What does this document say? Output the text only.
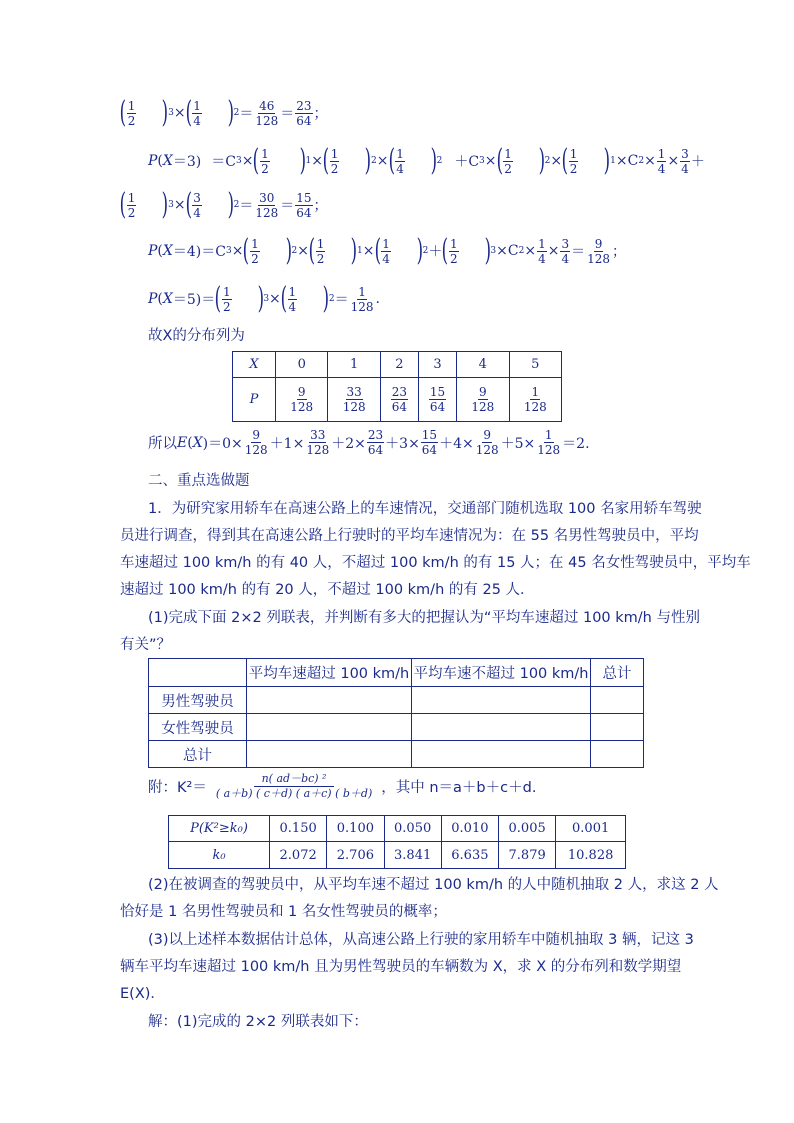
( $\frac{1}{2}$ ) 3 × ( $\frac{1}{4}$ ) $2 = \frac{46}{128} = \frac{23}{64}$ ；
P ( X ＝3) ＝C 3 × ( $\frac{1}{2}$ ) 1 × ( $\frac{1}{2}$ ) 2 × ( $\frac{1}{4}$ ) 2 ＋C 3 × ( $\frac{1}{2}$ ) 2 × ( $\frac{1}{2}$ ) 1 ×C $2 \times \frac{1}{4} \times \frac{3}{4}$ ＋
( $\frac{1}{2}$ ) 3 × ( $\frac{3}{4}$ ) $2 = \frac{30}{128} = \frac{15}{64}$ ；
P ( X ＝4)＝C 3 × ( $\frac{1}{2}$ ) 2 × ( $\frac{1}{2}$ ) 1 × ( $\frac{1}{4}$ ) 2 ＋ ( $\frac{1}{2}$ ) 3 ×C $2 \times \frac{1}{4} \times \frac{3}{4} = \frac{9}{128}$ ；
P ( X ＝5)＝ ( $\frac{1}{2}$ ) 3 × ( $\frac{1}{4}$ ) $2 = \frac{1}{128}$ .
故X的分布列为
X	0	1	2	3	4	5
P	$\frac{9}{128}$	$\frac{33}{128}$	$\frac{23}{64}$	$\frac{15}{64}$	$\frac{9}{128}$	$\frac{1}{128}$
所以 E ( X )$=0\times \frac{9}{128} +1\times \frac{33}{128} +2\times \frac{23}{64} +3\times \frac{15}{64} +4\times \frac{9}{128} +5\times \frac{1}{128} =2$.
二、重点选做题
1．为研究家用轿车在高速公路上的车速情况，交通部门随机选取 100 名家用轿车驾驶
员进行调查，得到其在高速公路上行驶时的平均车速情况为：在 55 名男性驾驶员中，平均
车速超过 100 km/h 的有 40 人，不超过 100 km/h 的有 15 人；在 45 名女性驾驶员中，平均车
速超过 100 km/h 的有 20 人，不超过 100 km/h 的有 25 人．
(1)完成下面 2×2 列联表，并判断有多大的把握认为“平均车速超过 100 km/h 与性别
有关”？
	平均车速超过 100 km/h	平均车速不超过 100 km/h	总计
男性驾驶员			
女性驾驶员			
总计			
附：$K^2= \frac{\text{n( ad－bc) ²}}{( a+b) ( c+d) ( a+c) ( b+d)}$ ，其中 n＝a＋b＋c＋d.
P(K²≥k₀)	0.150	0.100	0.050	0.010	0.005	0.001
k₀	2.072	2.706	3.841	6.635	7.879	10.828
(2)在被调查的驾驶员中，从平均车速不超过 100 km/h 的人中随机抽取 2 人，求这 2 人
恰好是 1 名男性驾驶员和 1 名女性驾驶员的概率；
(3)以上述样本数据估计总体，从高速公路上行驶的家用轿车中随机抽取 3 辆，记这 3
辆车平均车速超过 100 km/h 且为男性驾驶员的车辆数为 X，求 X 的分布列和数学期望
E(X)．
解：(1)完成的 2×2 列联表如下：
